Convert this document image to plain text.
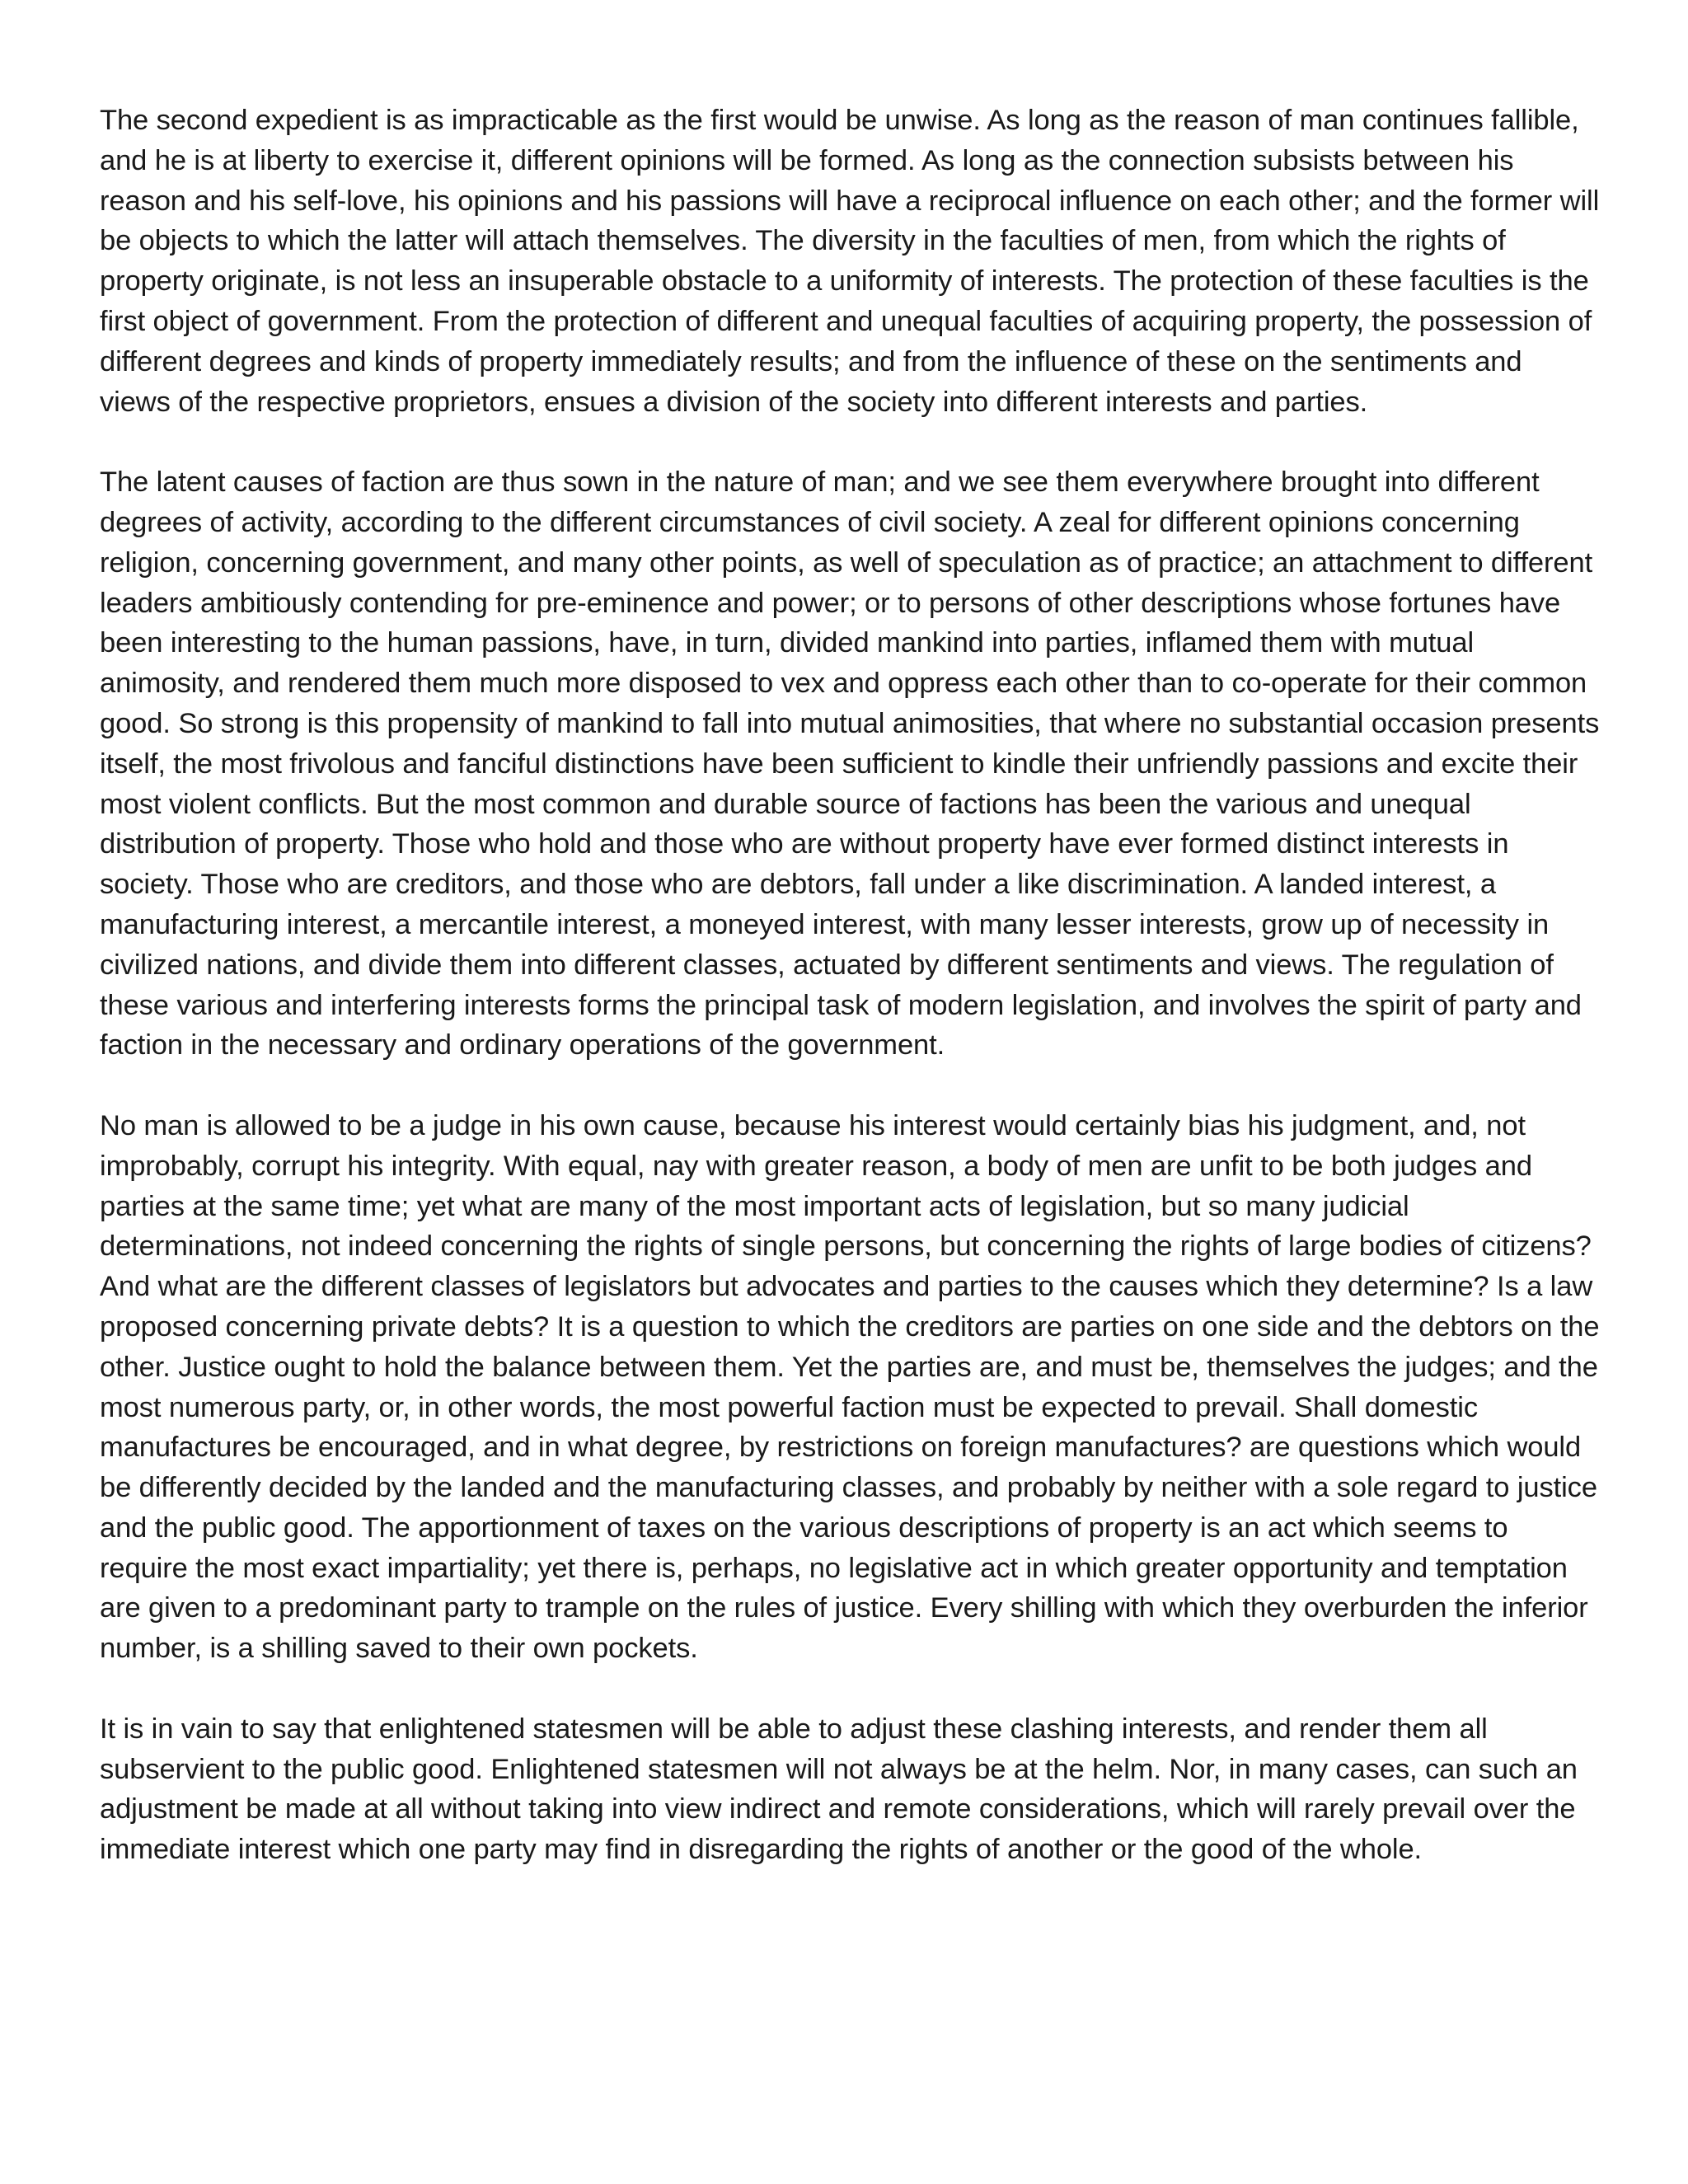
The second expedient is as impracticable as the first would be unwise. As long as the reason of man continues fallible, and he is at liberty to exercise it, different opinions will be formed. As long as the connection subsists between his reason and his self-love, his opinions and his passions will have a reciprocal influence on each other; and the former will be objects to which the latter will attach themselves. The diversity in the faculties of men, from which the rights of property originate, is not less an insuperable obstacle to a uniformity of interests. The protection of these faculties is the first object of government. From the protection of different and unequal faculties of acquiring property, the possession of different degrees and kinds of property immediately results; and from the influence of these on the sentiments and views of the respective proprietors, ensues a division of the society into different interests and parties.

The latent causes of faction are thus sown in the nature of man; and we see them everywhere brought into different degrees of activity, according to the different circumstances of civil society. A zeal for different opinions concerning religion, concerning government, and many other points, as well of speculation as of practice; an attachment to different leaders ambitiously contending for pre-eminence and power; or to persons of other descriptions whose fortunes have been interesting to the human passions, have, in turn, divided mankind into parties, inflamed them with mutual animosity, and rendered them much more disposed to vex and oppress each other than to co-operate for their common good. So strong is this propensity of mankind to fall into mutual animosities, that where no substantial occasion presents itself, the most frivolous and fanciful distinctions have been sufficient to kindle their unfriendly passions and excite their most violent conflicts. But the most common and durable source of factions has been the various and unequal distribution of property. Those who hold and those who are without property have ever formed distinct interests in society. Those who are creditors, and those who are debtors, fall under a like discrimination. A landed interest, a manufacturing interest, a mercantile interest, a moneyed interest, with many lesser interests, grow up of necessity in civilized nations, and divide them into different classes, actuated by different sentiments and views. The regulation of these various and interfering interests forms the principal task of modern legislation, and involves the spirit of party and faction in the necessary and ordinary operations of the government.

No man is allowed to be a judge in his own cause, because his interest would certainly bias his judgment, and, not improbably, corrupt his integrity. With equal, nay with greater reason, a body of men are unfit to be both judges and parties at the same time; yet what are many of the most important acts of legislation, but so many judicial determinations, not indeed concerning the rights of single persons, but concerning the rights of large bodies of citizens? And what are the different classes of legislators but advocates and parties to the causes which they determine? Is a law proposed concerning private debts? It is a question to which the creditors are parties on one side and the debtors on the other. Justice ought to hold the balance between them. Yet the parties are, and must be, themselves the judges; and the most numerous party, or, in other words, the most powerful faction must be expected to prevail. Shall domestic manufactures be encouraged, and in what degree, by restrictions on foreign manufactures? are questions which would be differently decided by the landed and the manufacturing classes, and probably by neither with a sole regard to justice and the public good. The apportionment of taxes on the various descriptions of property is an act which seems to require the most exact impartiality; yet there is, perhaps, no legislative act in which greater opportunity and temptation are given to a predominant party to trample on the rules of justice. Every shilling with which they overburden the inferior number, is a shilling saved to their own pockets.

It is in vain to say that enlightened statesmen will be able to adjust these clashing interests, and render them all subservient to the public good. Enlightened statesmen will not always be at the helm. Nor, in many cases, can such an adjustment be made at all without taking into view indirect and remote considerations, which will rarely prevail over the immediate interest which one party may find in disregarding the rights of another or the good of the whole.
